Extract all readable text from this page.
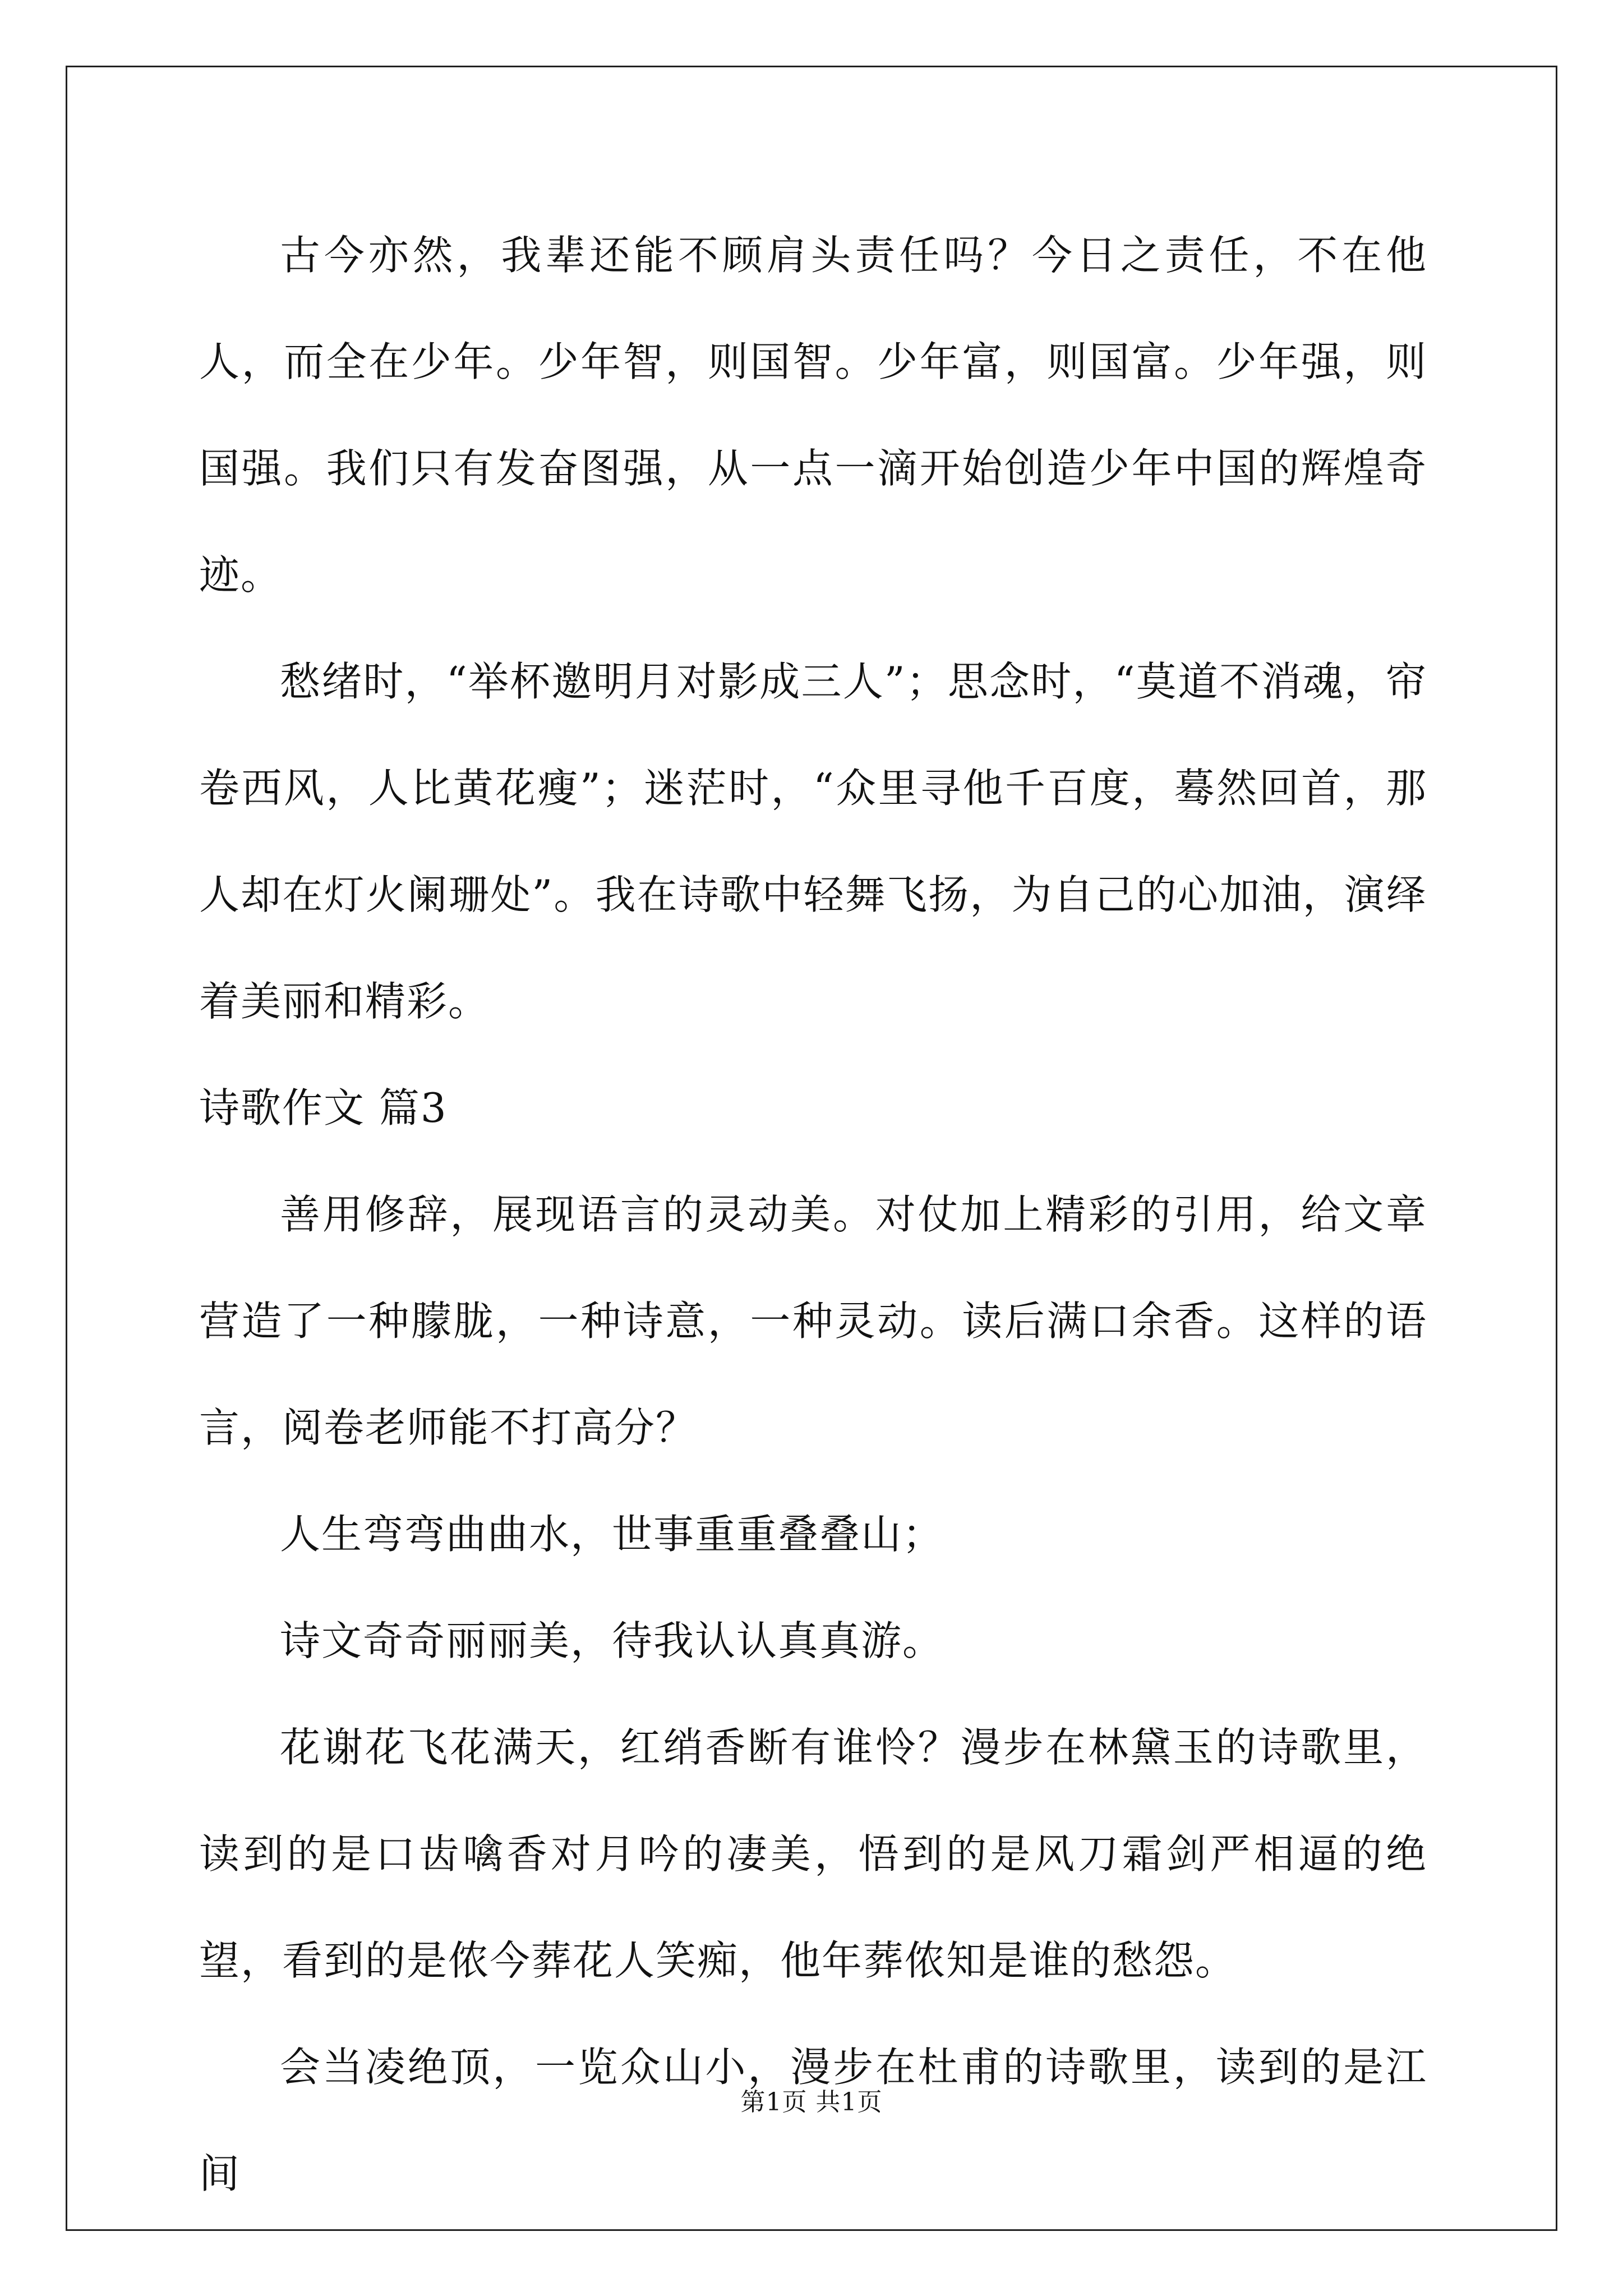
古今亦然，我辈还能不顾肩头责任吗？今日之责任，不在他人，而全在少年。少年智，则国智。少年富，则国富。少年强，则国强。我们只有发奋图强，从一点一滴开始创造少年中国的辉煌奇迹。

愁绪时，“举杯邀明月对影成三人”；思念时，“莫道不消魂，帘卷西风，人比黄花瘦”；迷茫时，“众里寻他千百度，蓦然回首，那人却在灯火阑珊处”。我在诗歌中轻舞飞扬，为自己的心加油，演绎着美丽和精彩。

诗歌作文 篇3

善用修辞，展现语言的灵动美。对仗加上精彩的引用，给文章营造了一种朦胧，一种诗意，一种灵动。读后满口余香。这样的语言，阅卷老师能不打高分？

人生弯弯曲曲水，世事重重叠叠山；

诗文奇奇丽丽美，待我认认真真游。

花谢花飞花满天，红绡香断有谁怜？漫步在林黛玉的诗歌里，读到的是口齿噙香对月吟的凄美，悟到的是风刀霜剑严相逼的绝望，看到的是侬今葬花人笑痴，他年葬侬知是谁的愁怨。

会当凌绝顶，一览众山小，漫步在杜甫的诗歌里，读到的是江间

第1页 共1页
